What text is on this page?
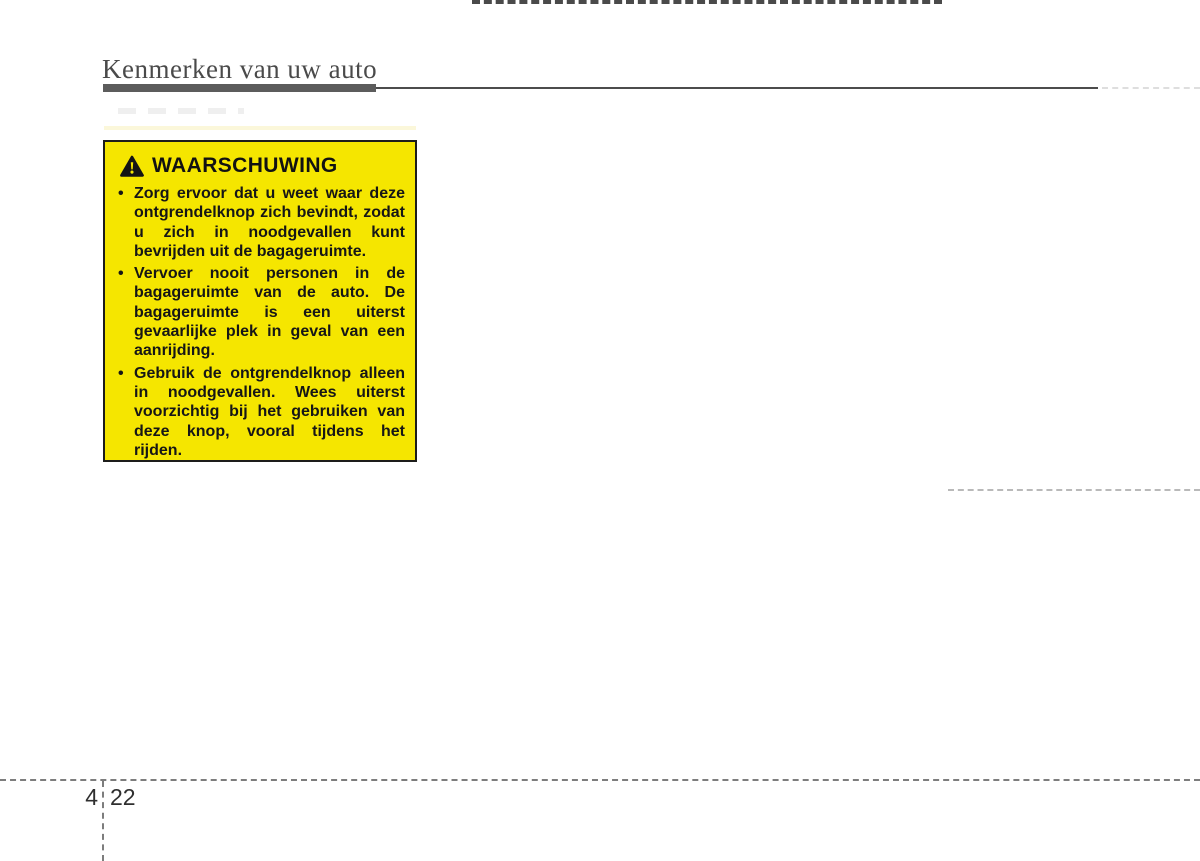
Kenmerken van uw auto
WAARSCHUWING
• Zorg ervoor dat u weet waar deze ontgrendelknop zich bevindt, zodat u zich in noodgevallen kunt bevrijden uit de bagageruimte.
• Vervoer nooit personen in de bagageruimte van de auto. De bagageruimte is een uiterst gevaarlijke plek in geval van een aanrijding.
• Gebruik de ontgrendelknop alleen in noodgevallen. Wees uiterst voorzichtig bij het gebruiken van deze knop, vooral tijdens het rijden.
4 22
